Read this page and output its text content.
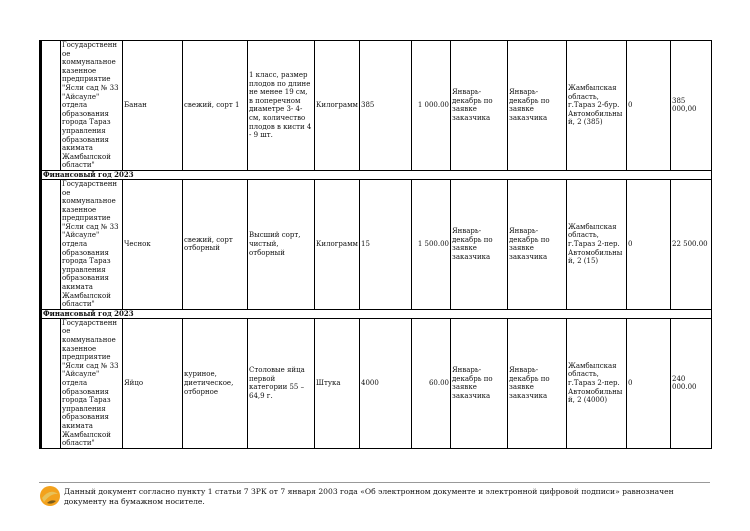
	Государственное коммунальное казенное предприятие "Ясли сад № 33 "Айсауле" отдела образования города Тараз управления образования акимата Жамбылской области"	Банан	свежий, сорт 1	1 класс, размер плодов по длине не менее 19 см, в поперечном диаметре 3- 4- см, количество плодов в кисти 4 - 9 шт.	Килограмм	385	1 000.00	Январь-декабрь по заявке заказчика	Январь-декабрь по заявке заказчика	Жамбылская область, г.Тараз 2-бур. Автомобильный, 2 (385)	0	385 000,00
Финансовый год 2023												
	Государственное коммунальное казенное предприятие "Ясли сад № 33 "Айсауле" отдела образования города Тараз управления образования акимата Жамбылской области"	Чеснок	свежий, сорт отборный	Высший сорт, чистый, отборный	Килограмм	15	1 500.00	Январь-декабрь по заявке заказчика	Январь-декабрь по заявке заказчика	Жамбылская область, г.Тараз 2-пер. Автомобильный, 2 (15)	0	22 500.00
Финансовый год 2023												
	Государственное коммунальное казенное предприятие "Ясли сад № 33 "Айсауле" отдела образования города Тараз управления образования акимата Жамбылской области"	Яйцо	куриное, диетическое, отборное	Столовые яйца первой категории 55 – 64,9 г.	Штука	4000	60.00	Январь-декабрь по заявке заказчика	Январь-декабрь по заявке заказчика	Жамбылская область, г.Тараз 2-пер. Автомобильный, 2 (4000)	0	240 000.00
Данный документ согласно пункту 1 статьи 7 ЗРК от 7 января 2003 года «Об электронном документе и электронной цифровой подписи» равнозначен документу на бумажном носителе.
